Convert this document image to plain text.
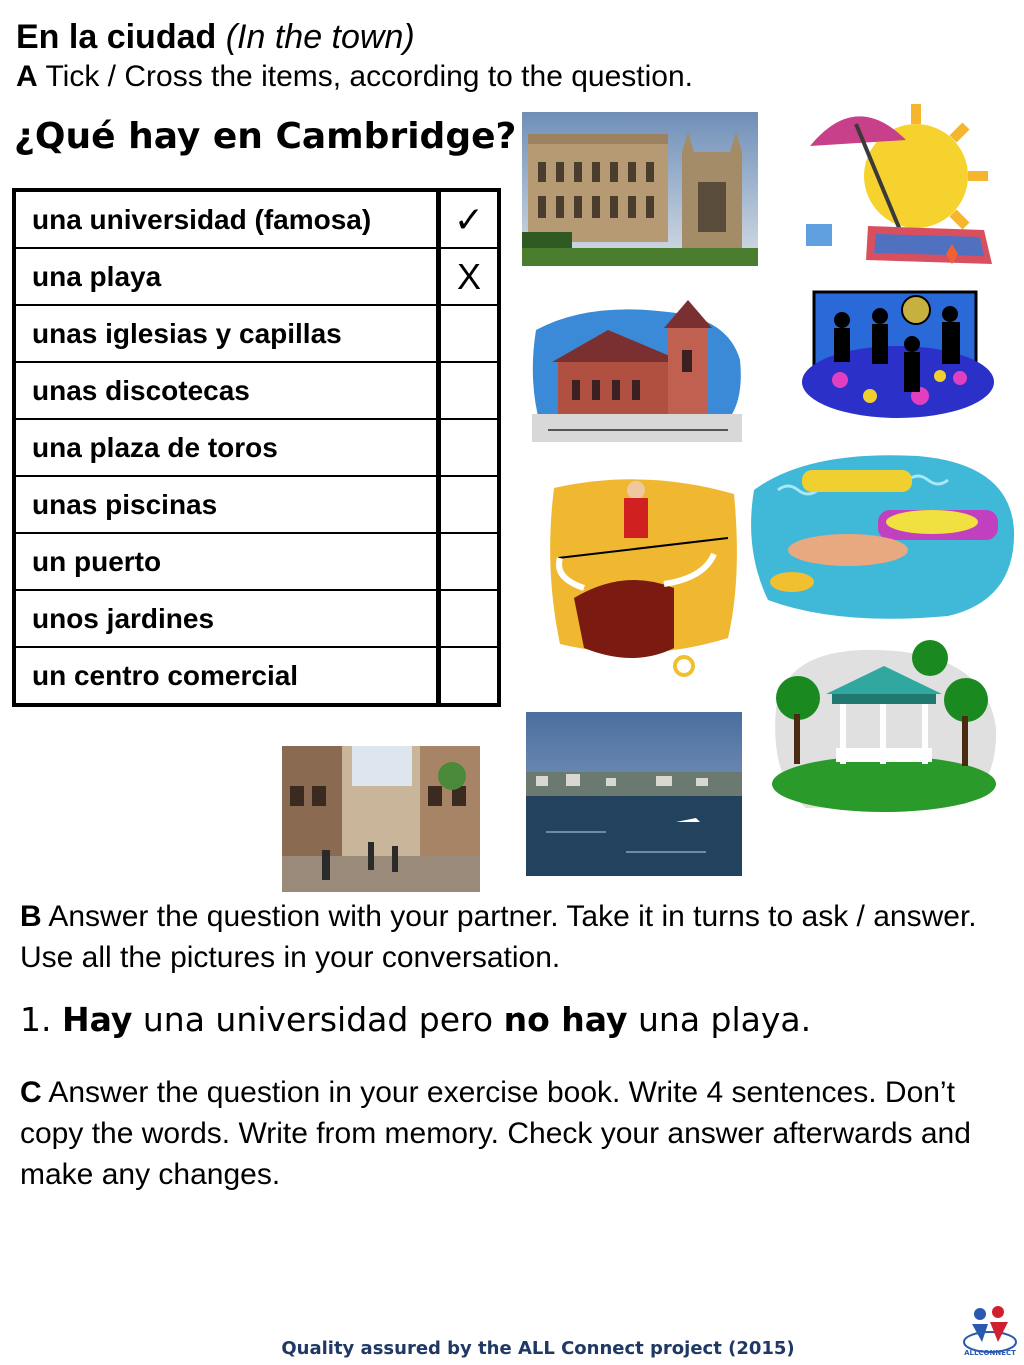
En la ciudad (In the town)
A Tick / Cross the items, according to the question.
¿Qué hay en Cambridge?
una universidad (famosa)	✓
una playa	X
unas iglesias y capillas	
unas discotecas	
una plaza de toros	
unas piscinas	
un puerto	
unos jardines	
un centro comercial	
B Answer the question with your partner. Take it in turns to ask / answer. Use all the pictures in your conversation.
1. Hay una universidad pero no hay una playa.
C Answer the question in your exercise book. Write 4 sentences. Don’t copy the words. Write from memory. Check your answer afterwards and make any changes.
Quality assured by the ALL Connect project (2015)	ALLCONNECT
